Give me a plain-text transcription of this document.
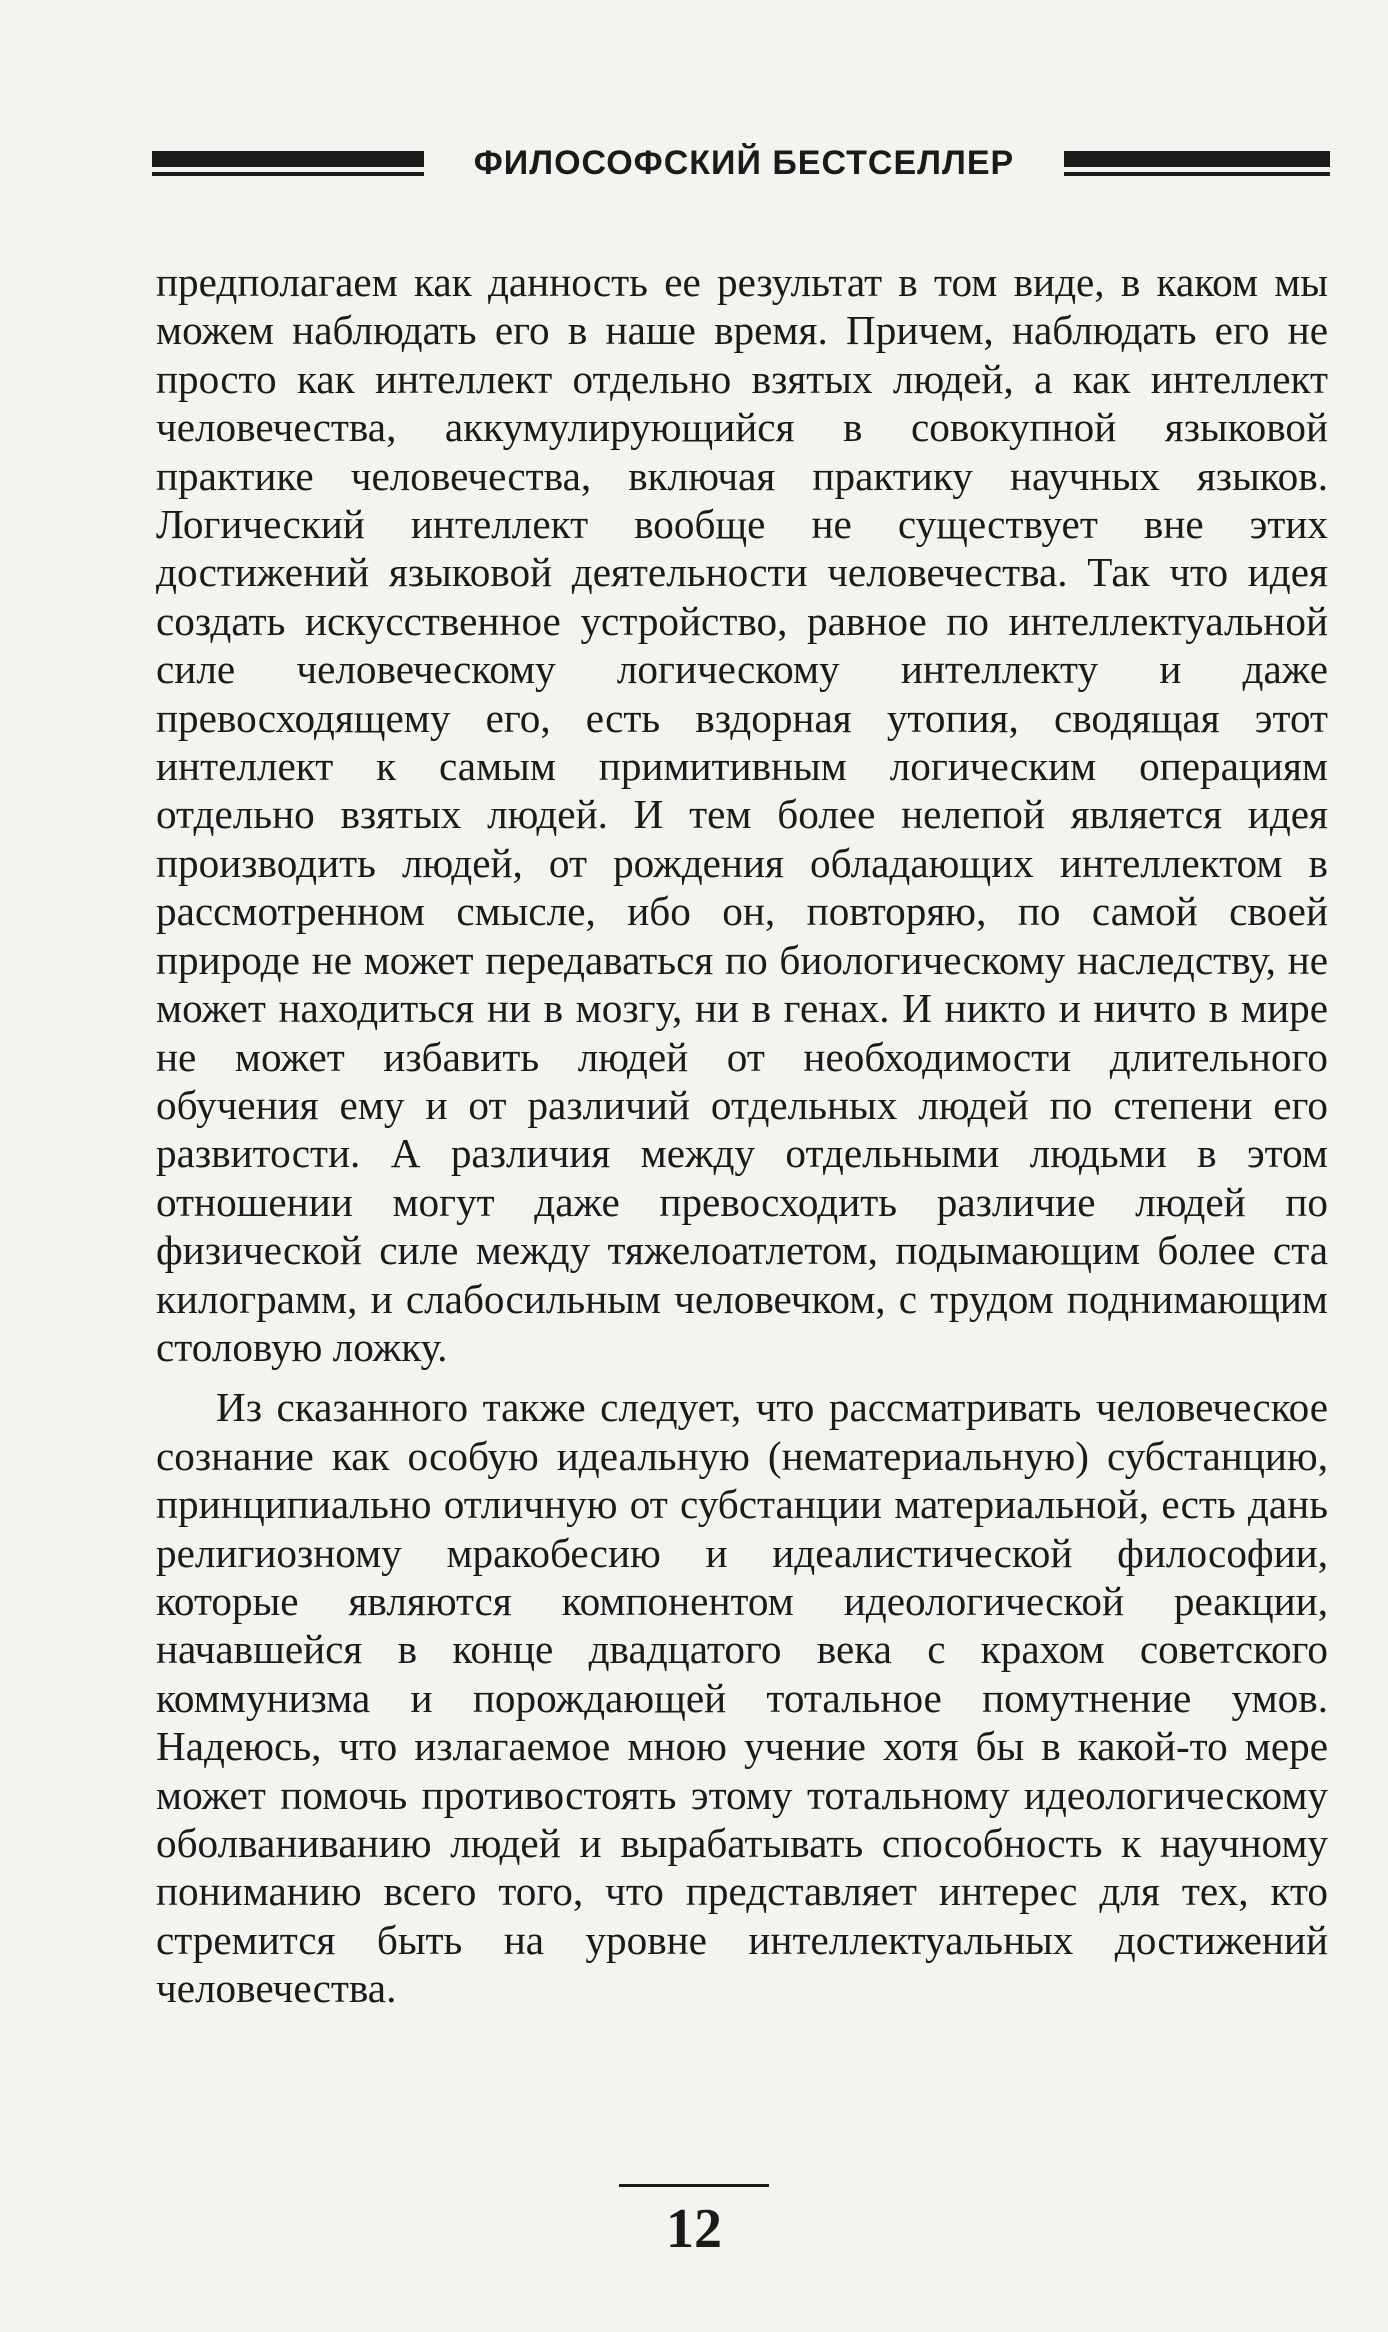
ФИЛОСОФСКИЙ БЕСТСЕЛЛЕР

предполагаем как данность ее результат в том виде, в каком мы можем наблюдать его в наше время. Причем, наблюдать его не просто как интеллект отдельно взятых людей, а как интеллект человечества, аккумулирующийся в совокупной языковой практике человечества, включая практику научных языков. Логический интеллект вообще не существует вне этих достижений языковой деятельности человечества. Так что идея создать искусственное устройство, равное по интеллектуальной силе человеческому логическому интеллекту и даже превосходящему его, есть вздорная утопия, сводящая этот интеллект к самым примитивным логическим операциям отдельно взятых людей. И тем более нелепой является идея производить людей, от рождения обладающих интеллектом в рассмотренном смысле, ибо он, повторяю, по самой своей природе не может передаваться по биологическому наследству, не может находиться ни в мозгу, ни в генах. И никто и ничто в мире не может избавить людей от необходимости длительного обучения ему и от различий отдельных людей по степени его развитости. А различия между отдельными людьми в этом отношении могут даже превосходить различие людей по физической силе между тяжелоатлетом, подымающим более ста килограмм, и слабосильным человечком, с трудом поднимающим столовую ложку.

Из сказанного также следует, что рассматривать человеческое сознание как особую идеальную (нематериальную) субстанцию, принципиально отличную от субстанции материальной, есть дань религиозному мракобесию и идеалистической философии, которые являются компонентом идеологической реакции, начавшейся в конце двадцатого века с крахом советского коммунизма и порождающей тотальное помутнение умов. Надеюсь, что излагаемое мною учение хотя бы в какой-то мере может помочь противостоять этому тотальному идеологическому оболваниванию людей и вырабатывать способность к научному пониманию всего того, что представляет интерес для тех, кто стремится быть на уровне интеллектуальных достижений человечества.

12
